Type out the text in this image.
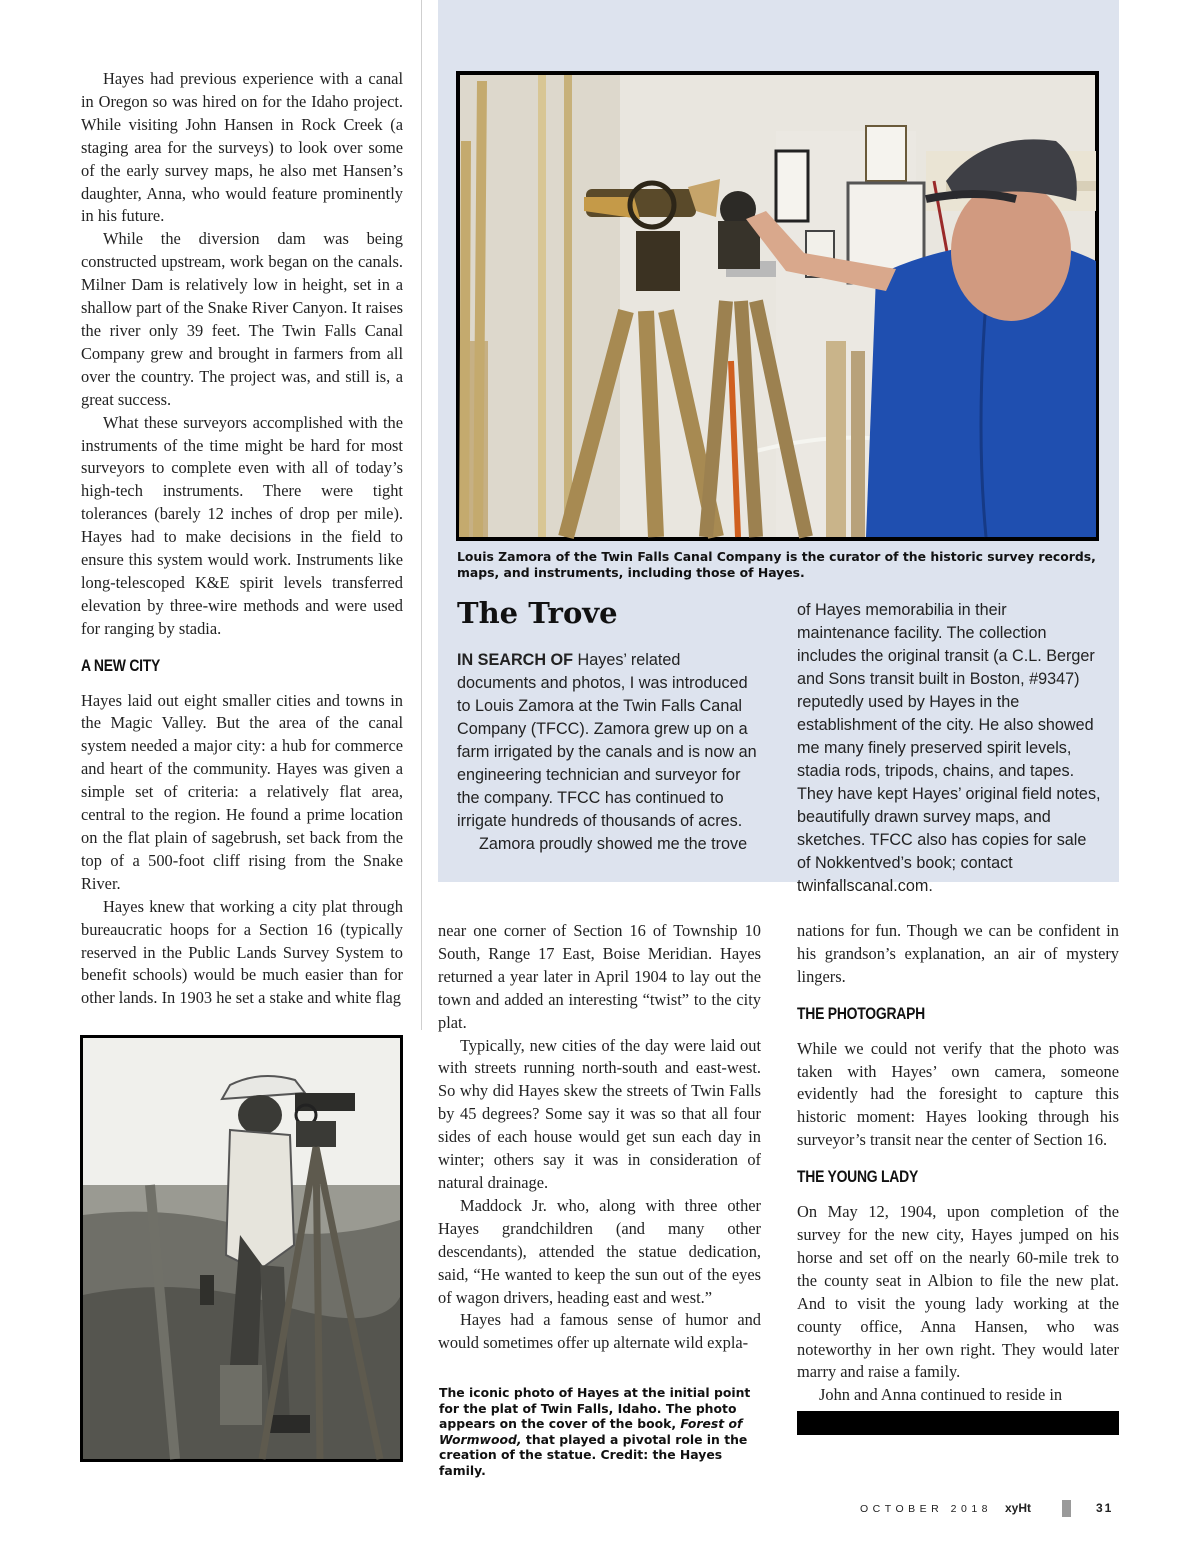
Hayes had previous experience with a canal in Oregon so was hired on for the Idaho project. While visiting John Hansen in Rock Creek (a staging area for the surveys) to look over some of the early survey maps, he also met Hansen’s daughter, Anna, who would feature prominently in his future.

While the diversion dam was being constructed upstream, work began on the canals. Milner Dam is relatively low in height, set in a shallow part of the Snake River Canyon. It raises the river only 39 feet. The Twin Falls Canal Company grew and brought in farmers from all over the country. The project was, and still is, a great success.

What these surveyors accomplished with the instruments of the time might be hard for most surveyors to complete even with all of today’s high-tech instruments. There were tight tolerances (barely 12 inches of drop per mile). Hayes had to make decisions in the field to ensure this system would work. Instruments like long-telescoped K&E spirit levels transferred elevation by three-wire methods and were used for ranging by stadia.

A NEW CITY

Hayes laid out eight smaller cities and towns in the Magic Valley. But the area of the canal system needed a major city: a hub for commerce and heart of the community. Hayes was given a simple set of criteria: a relatively flat area, central to the region. He found a prime location on the flat plain of sagebrush, set back from the top of a 500-foot cliff rising from the Snake River.

Hayes knew that working a city plat through bureaucratic hoops for a Section 16 (typically reserved in the Public Lands Survey System to benefit schools) would be much easier than for other lands. In 1903 he set a stake and white flag

Louis Zamora of the Twin Falls Canal Company is the curator of the historic survey records, maps, and instruments, including those of Hayes.
The Trove

IN SEARCH OF Hayes’ related documents and photos, I was introduced to Louis Zamora at the Twin Falls Canal Company (TFCC). Zamora grew up on a farm irrigated by the canals and is now an engineering technician and surveyor for the company. TFCC has continued to irrigate hundreds of thousands of acres.

Zamora proudly showed me the trove

of Hayes memorabilia in their maintenance facility. The collection includes the original transit (a C.L. Berger and Sons transit built in Boston, #9347) reputedly used by Hayes in the establishment of the city. He also showed me many finely preserved spirit levels, stadia rods, tripods, chains, and tapes. They have kept Hayes’ original field notes, beautifully drawn survey maps, and sketches. TFCC also has copies for sale of Nokkentved’s book; contact twinfallscanal.com.

near one corner of Section 16 of Township 10 South, Range 17 East, Boise Meridian. Hayes returned a year later in April 1904 to lay out the town and added an interesting “twist” to the city plat.

Typically, new cities of the day were laid out with streets running north-south and east-west. So why did Hayes skew the streets of Twin Falls by 45 degrees? Some say it was so that all four sides of each house would get sun each day in winter; others say it was in consideration of natural drainage.

Maddock Jr. who, along with three other Hayes grandchildren (and many other descendants), attended the statue dedication, said, “He wanted to keep the sun out of the eyes of wagon drivers, heading east and west.”

Hayes had a famous sense of humor and would sometimes offer up alternate wild expla-

The iconic photo of Hayes at the initial point for the plat of Twin Falls, Idaho. The photo appears on the cover of the book, Forest of Wormwood, that played a pivotal role in the creation of the statue. Credit: the Hayes family.

nations for fun. Though we can be confident in his grandson’s explanation, an air of mystery lingers.

THE PHOTOGRAPH

While we could not verify that the photo was taken with Hayes’ own camera, someone evidently had the foresight to capture this historic moment: Hayes looking through his surveyor’s transit near the center of Section 16.

THE YOUNG LADY

On May 12, 1904, upon completion of the survey for the new city, Hayes jumped on his horse and set off on the nearly 60-mile trek to the county seat in Albion to file the new plat. And to visit the young lady working at the county office, Anna Hansen, who was noteworthy in her own right. They would later marry and raise a family.

John and Anna continued to reside in

OCTOBER 2018 xyHt	31
